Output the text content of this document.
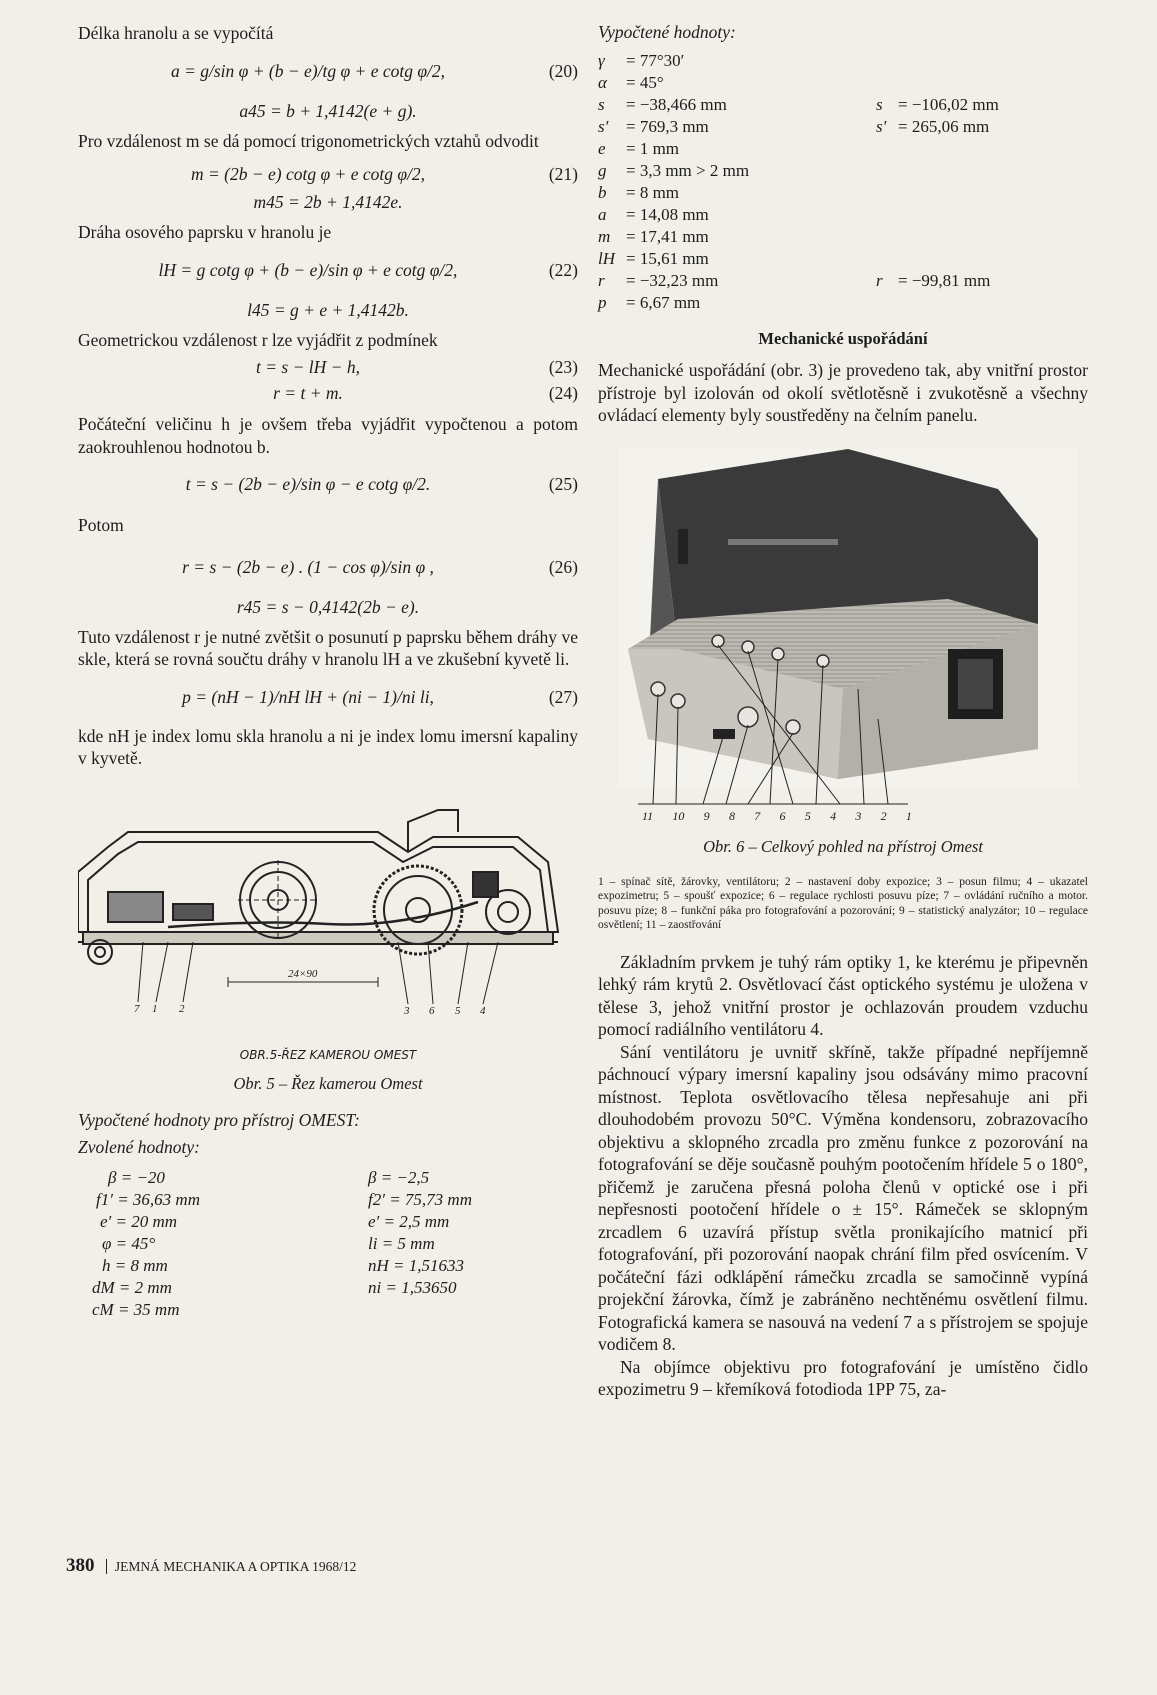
Délka hranolu a se vypočítá

a = g/sin φ + (b − e)/tg φ + e cotg φ/2,	(20)
a45 = b + 1,4142(e + g).

Pro vzdálenost m se dá pomocí trigonometrických vztahů odvodit

m = (2b − e) cotg φ + e cotg φ/2,	(21)
m45 = 2b + 1,4142e.

Dráha osového paprsku v hranolu je

lH = g cotg φ + (b − e)/sin φ + e cotg φ/2,	(22)
l45 = g + e + 1,4142b.

Geometrickou vzdálenost r lze vyjádřit z podmínek

t = s − lH − h,	(23)
r = t + m.	(24)

Počáteční veličinu h je ovšem třeba vyjádřit vypočtenou a potom zaokrouhlenou hodnotou b.

t = s − (2b − e)/sin φ − e cotg φ/2.	(25)

Potom

r = s − (2b − e) . (1 − cos φ)/sin φ ,	(26)
r45 = s − 0,4142(2b − e).

Tuto vzdálenost r je nutné zvětšit o posunutí p paprsku během dráhy ve skle, která se rovná součtu dráhy v hranolu lH a ve zkušební kyvetě li.

p = (nH − 1)/nH lH + (ni − 1)/ni li,	(27)

kde nH je index lomu skla hranolu a ni je index lomu imersní kapaliny v kyvetě.

24×90
7 1 2	3 6 5 4
OBR.5-ŘEZ KAMEROU OMEST
Obr. 5 – Řez kamerou Omest
Vypočtené hodnoty pro přístroj OMEST:
Zvolené hodnoty:
β = −20	β = −2,5
f1′ = 36,63 mm	f2′ = 75,73 mm
e′ = 20 mm	e′ = 2,5 mm
φ = 45°	li = 5 mm
h = 8 mm	nH = 1,51633
dM = 2 mm	ni = 1,53650
cM = 35 mm	
Vypočtené hodnoty:
γ	= 77°30′		
α	= 45°		
s	= −38,466 mm	s	= −106,02 mm
s′	= 769,3 mm	s′	= 265,06 mm
e	= 1 mm		
g	= 3,3 mm > 2 mm		
b	= 8 mm		
a	= 14,08 mm		
m	= 17,41 mm		
lH	= 15,61 mm		
r	= −32,23 mm	r	= −99,81 mm
p	= 6,67 mm		
Mechanické uspořádání

Mechanické uspořádání (obr. 3) je provedeno tak, aby vnitřní prostor přístroje byl izolován od okolí světlotěsně i zvukotěsně a všechny ovládací elementy byly soustředěny na čelním panelu.

11 10 9 8 7 6 5 4 3 2 1
Obr. 6 – Celkový pohled na přístroj Omest
1 – spínač sítě, žárovky, ventilátoru; 2 – nastavení doby expozice; 3 – posun filmu; 4 – ukazatel expozimetru; 5 – spoušť expozice; 6 – regulace rychlosti posuvu píze; 7 – ovládání ručního a motor. posuvu píze; 8 – funkční páka pro fotografování a pozorování; 9 – statistický analyzátor; 10 – regulace osvětlení; 11 – zaostřování

Základním prvkem je tuhý rám optiky 1, ke kterému je připevněn lehký rám krytů 2. Osvětlovací část optického systému je uložena v tělese 3, jehož vnitřní prostor je ochlazován proudem vzduchu pomocí radiálního ventilátoru 4.

Sání ventilátoru je uvnitř skříně, takže případné nepříjemně páchnoucí výpary imersní kapaliny jsou odsávány mimo pracovní místnost. Teplota osvětlovacího tělesa nepřesahuje ani při dlouhodobém provozu 50°C. Výměna kondensoru, zobrazovacího objektivu a sklopného zrcadla pro změnu funkce z pozorování na fotografování se děje současně pouhým pootočením hřídele 5 o 180°, přičemž je zaručena přesná poloha členů v optické ose i při nepřesnosti pootočení hřídele o ± 15°. Rámeček se sklopným zrcadlem 6 uzavírá přístup světla pronikajícího matnicí při fotografování, při pozorování naopak chrání film před osvícením. V počáteční fázi odklápění rámečku zrcadla se samočinně vypíná projekční žárovka, čímž je zabráněno nechtěnému osvětlení filmu. Fotografická kamera se nasouvá na vedení 7 a s přístrojem se spojuje vodičem 8.

Na objímce objektivu pro fotografování je umístěno čidlo expozimetru 9 – křemíková fotodioda 1PP 75, za-

380 JEMNÁ MECHANIKA A OPTIKA 1968/12
